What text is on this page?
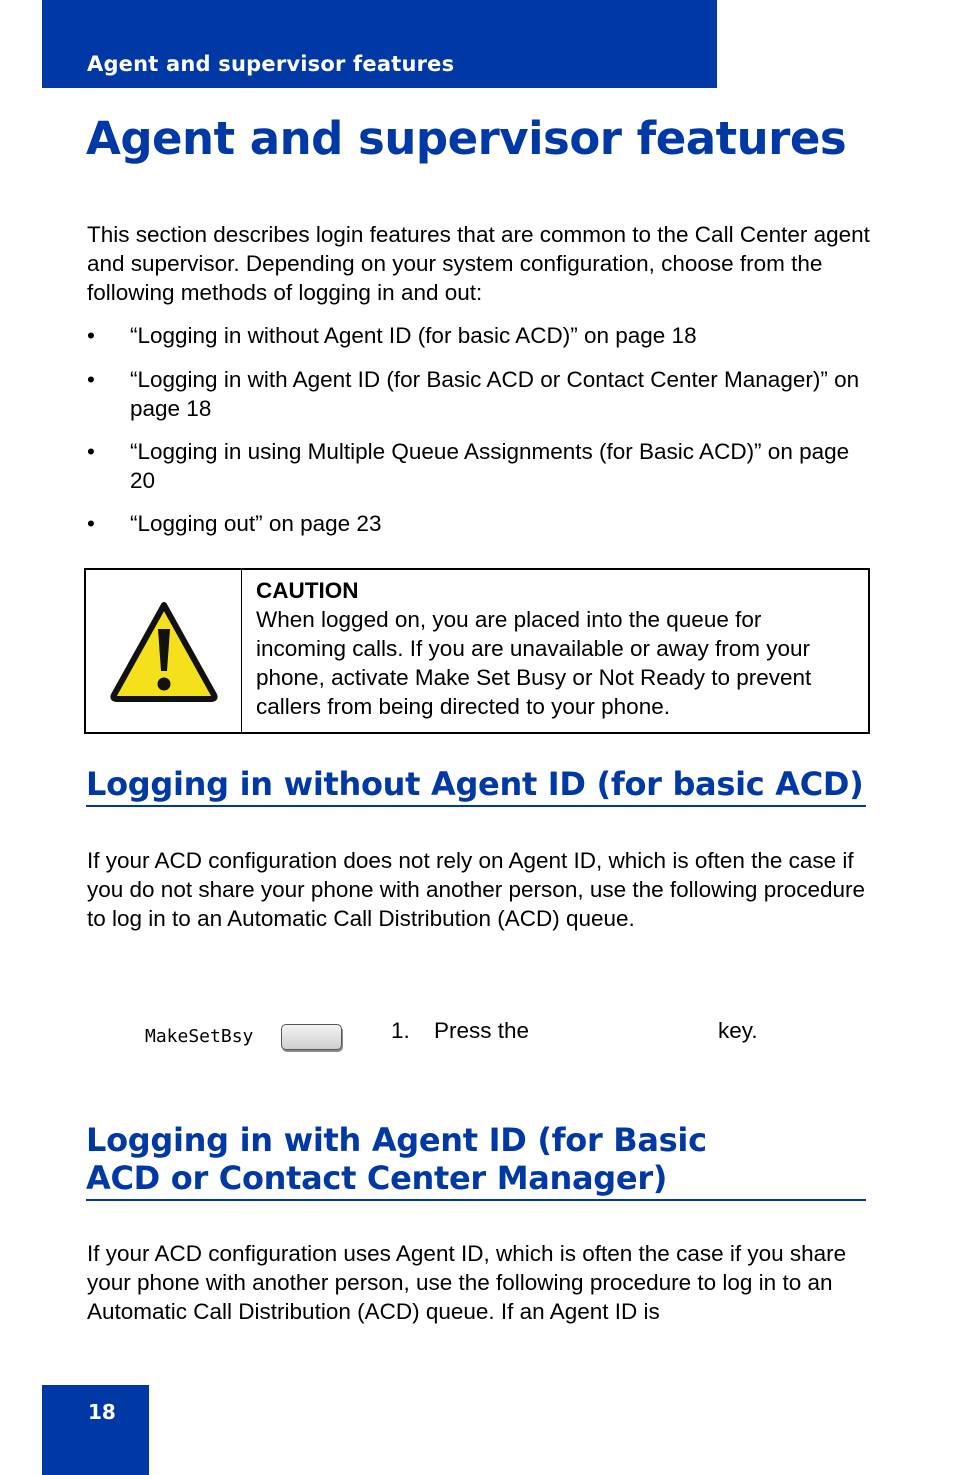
Agent and supervisor features
Agent and supervisor features

This section describes login features that are common to the Call Center agent and supervisor. Depending on your system configuration, choose from the following methods of logging in and out:

•	“Logging in without Agent ID (for basic ACD)” on page 18
•	“Logging in with Agent ID (for Basic ACD or Contact Center Manager)” on page 18
•	“Logging in using Multiple Queue Assignments (for Basic ACD)” on page 20
•	“Logging out” on page 23
CAUTION
When logged on, you are placed into the queue for incoming calls. If you are unavailable or away from your phone, activate Make Set Busy or Not Ready to prevent callers from being directed to your phone.
Logging in without Agent ID (for basic ACD)

If your ACD configuration does not rely on Agent ID, which is often the case if you do not share your phone with another person, use the following procedure to log in to an Automatic Call Distribution (ACD) queue.

MakeSetBsy	1. Press the	key.
Logging in with Agent ID (for Basic
ACD or Contact Center Manager)

If your ACD configuration uses Agent ID, which is often the case if you share your phone with another person, use the following procedure to log in to an Automatic Call Distribution (ACD) queue. If an Agent ID is

18
